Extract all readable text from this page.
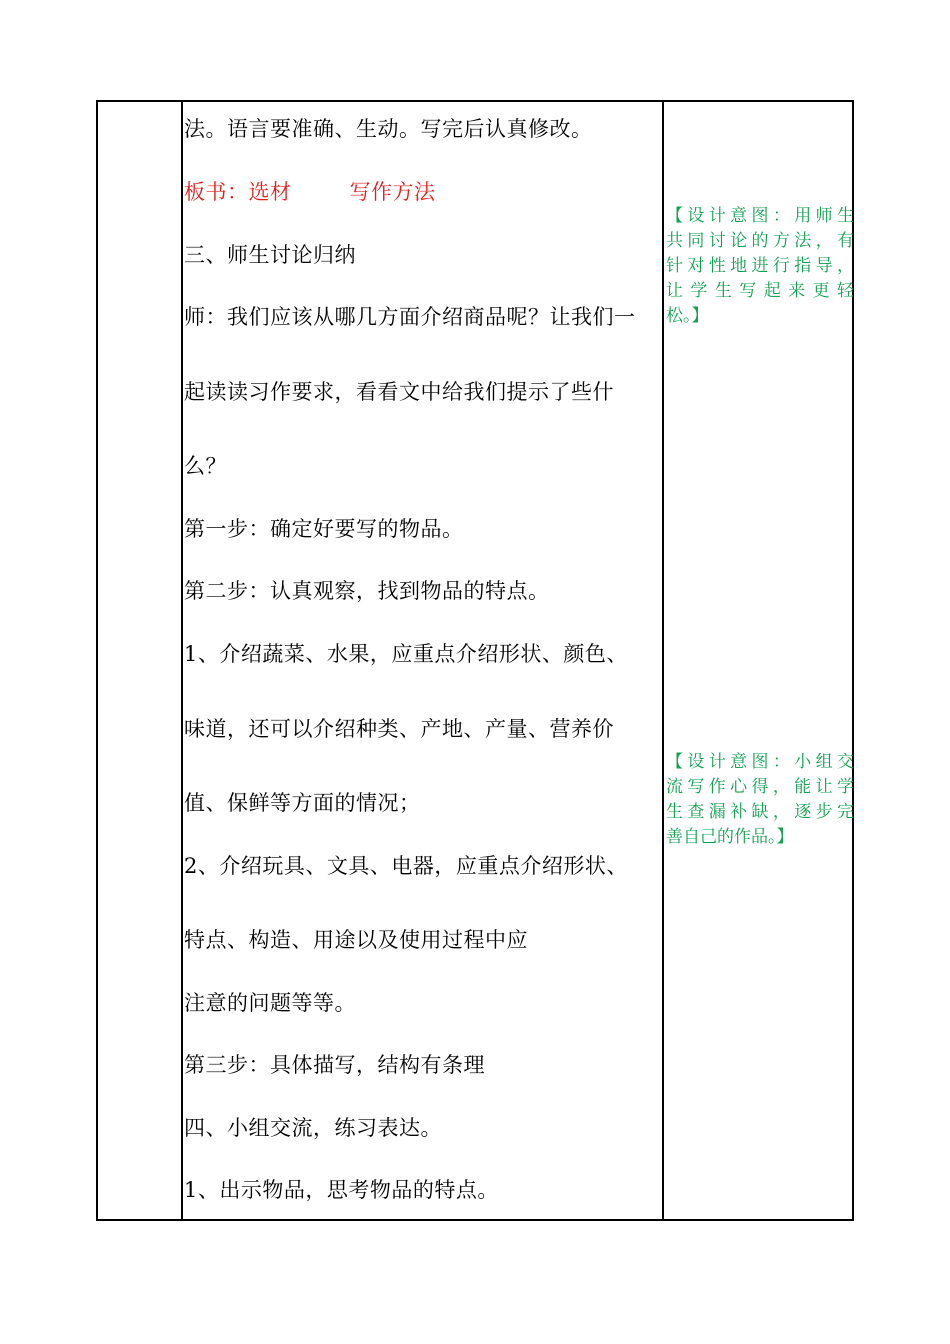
法。语言要准确、生动。写完后认真修改。
板书：选材	写作方法
三、师生讨论归纳
师：我们应该从哪几方面介绍商品呢？让我们一
起读读习作要求，看看文中给我们提示了些什
么？
第一步：确定好要写的物品。
第二步：认真观察，找到物品的特点。
1、介绍蔬菜、水果，应重点介绍形状、颜色、
味道，还可以介绍种类、产地、产量、营养价
值、保鲜等方面的情况；
2、介绍玩具、文具、电器，应重点介绍形状、
特点、构造、用途以及使用过程中应
注意的问题等等。
第三步：具体描写，结构有条理
四、小组交流，练习表达。
1、出示物品，思考物品的特点。
【设计意图：用师生
共同讨论的方法，有
针对性地进行指导，
让学生写起来更轻
松。】
【设计意图：小组交
流写作心得，能让学
生查漏补缺，逐步完
善自己的作品。】
